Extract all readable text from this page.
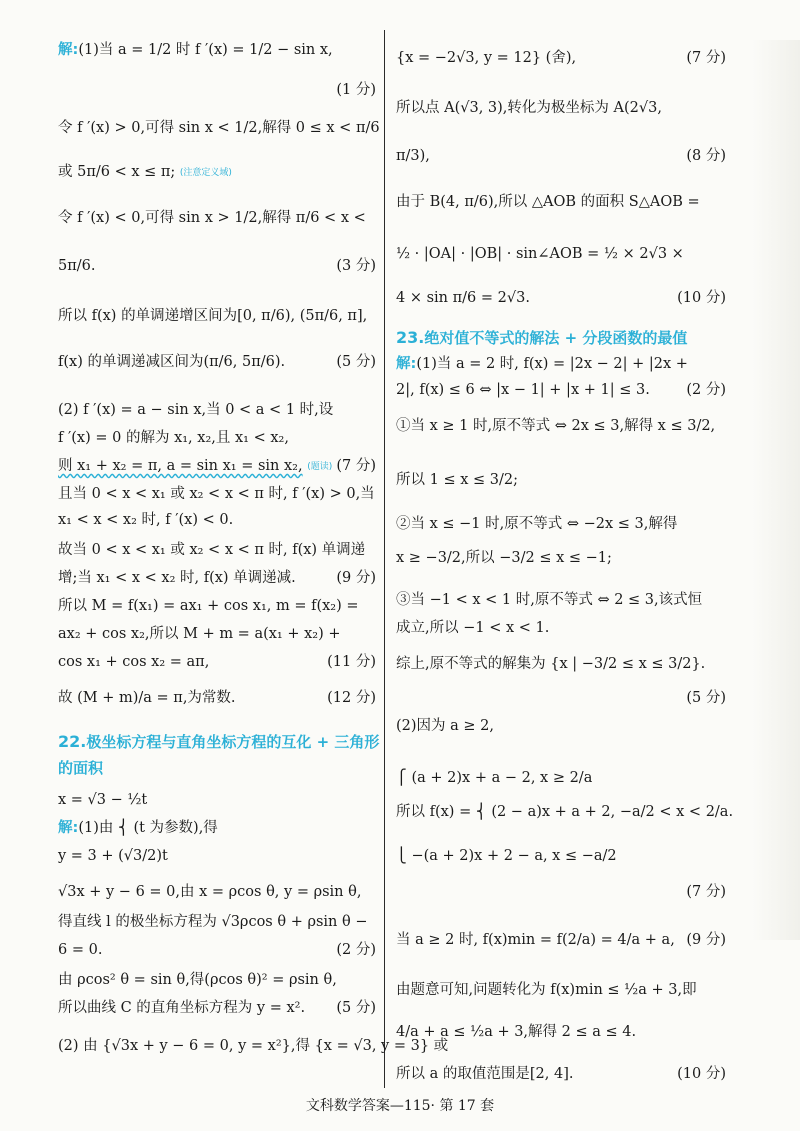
解:(1)当 a = 1/2 时 f ′(x) = 1/2 − sin x,
(1 分)
令 f ′(x) > 0,可得 sin x < 1/2,解得 0 ≤ x < π/6
或 5π/6 < x ≤ π; (注意定义域)
令 f ′(x) < 0,可得 sin x > 1/2,解得 π/6 < x <
5π/6.	(3 分)
所以 f(x) 的单调递增区间为[0, π/6), (5π/6, π],
f(x) 的单调递减区间为(π/6, 5π/6).	(5 分)
(2) f ′(x) = a − sin x,当 0 < a < 1 时,设
f ′(x) = 0 的解为 x₁, x₂,且 x₁ < x₂,
则 x₁ + x₂ = π, a = sin x₁ = sin x₂, (题读) (7 分)
且当 0 < x < x₁ 或 x₂ < x < π 时, f ′(x) > 0,当
x₁ < x < x₂ 时, f ′(x) < 0.
故当 0 < x < x₁ 或 x₂ < x < π 时, f(x) 单调递
增;当 x₁ < x < x₂ 时, f(x) 单调递减.	(9 分)
所以 M = f(x₁) = ax₁ + cos x₁, m = f(x₂) =
ax₂ + cos x₂,所以 M + m = a(x₁ + x₂) +
cos x₁ + cos x₂ = aπ,	(11 分)
故 (M + m)/a = π,为常数.	(12 分)
22.极坐标方程与直角坐标方程的互化 + 三角形
的面积
x = √3 − ½t
解:(1)由 ⎨ (t 为参数),得
y = 3 + (√3/2)t
√3x + y − 6 = 0,由 x = ρcos θ, y = ρsin θ,
得直线 l 的极坐标方程为 √3ρcos θ + ρsin θ −
6 = 0.	(2 分)
由 ρcos² θ = sin θ,得(ρcos θ)² = ρsin θ,
所以曲线 C 的直角坐标方程为 y = x². (5 分)
(2) 由 {√3x + y − 6 = 0, y = x²},得 {x = √3, y = 3} 或
{x = −2√3, y = 12} (舍),	(7 分)
所以点 A(√3, 3),转化为极坐标为 A(2√3,
π/3),	(8 分)
由于 B(4, π/6),所以 △AOB 的面积 S△AOB =
½ · |OA| · |OB| · sin∠AOB = ½ × 2√3 ×
4 × sin π/6 = 2√3.	(10 分)
23.绝对值不等式的解法 + 分段函数的最值
解:(1)当 a = 2 时, f(x) = |2x − 2| + |2x +
2|, f(x) ≤ 6 ⇔ |x − 1| + |x + 1| ≤ 3.	(2 分)
①当 x ≥ 1 时,原不等式 ⇔ 2x ≤ 3,解得 x ≤ 3/2,
所以 1 ≤ x ≤ 3/2;
②当 x ≤ −1 时,原不等式 ⇔ −2x ≤ 3,解得
x ≥ −3/2,所以 −3/2 ≤ x ≤ −1;
③当 −1 < x < 1 时,原不等式 ⇔ 2 ≤ 3,该式恒
成立,所以 −1 < x < 1.
综上,原不等式的解集为 {x | −3/2 ≤ x ≤ 3/2}.
(5 分)
(2)因为 a ≥ 2,
⎧ (a + 2)x + a − 2, x ≥ 2/a
所以 f(x) = ⎨ (2 − a)x + a + 2, −a/2 < x < 2/a.
⎩ −(a + 2)x + 2 − a, x ≤ −a/2
(7 分)
当 a ≥ 2 时, f(x)min = f(2/a) = 4/a + a, (9 分)
由题意可知,问题转化为 f(x)min ≤ ½a + 3,即
4/a + a ≤ ½a + 3,解得 2 ≤ a ≤ 4.
所以 a 的取值范围是[2, 4].	(10 分)
文科数学答案—115· 第 17 套
